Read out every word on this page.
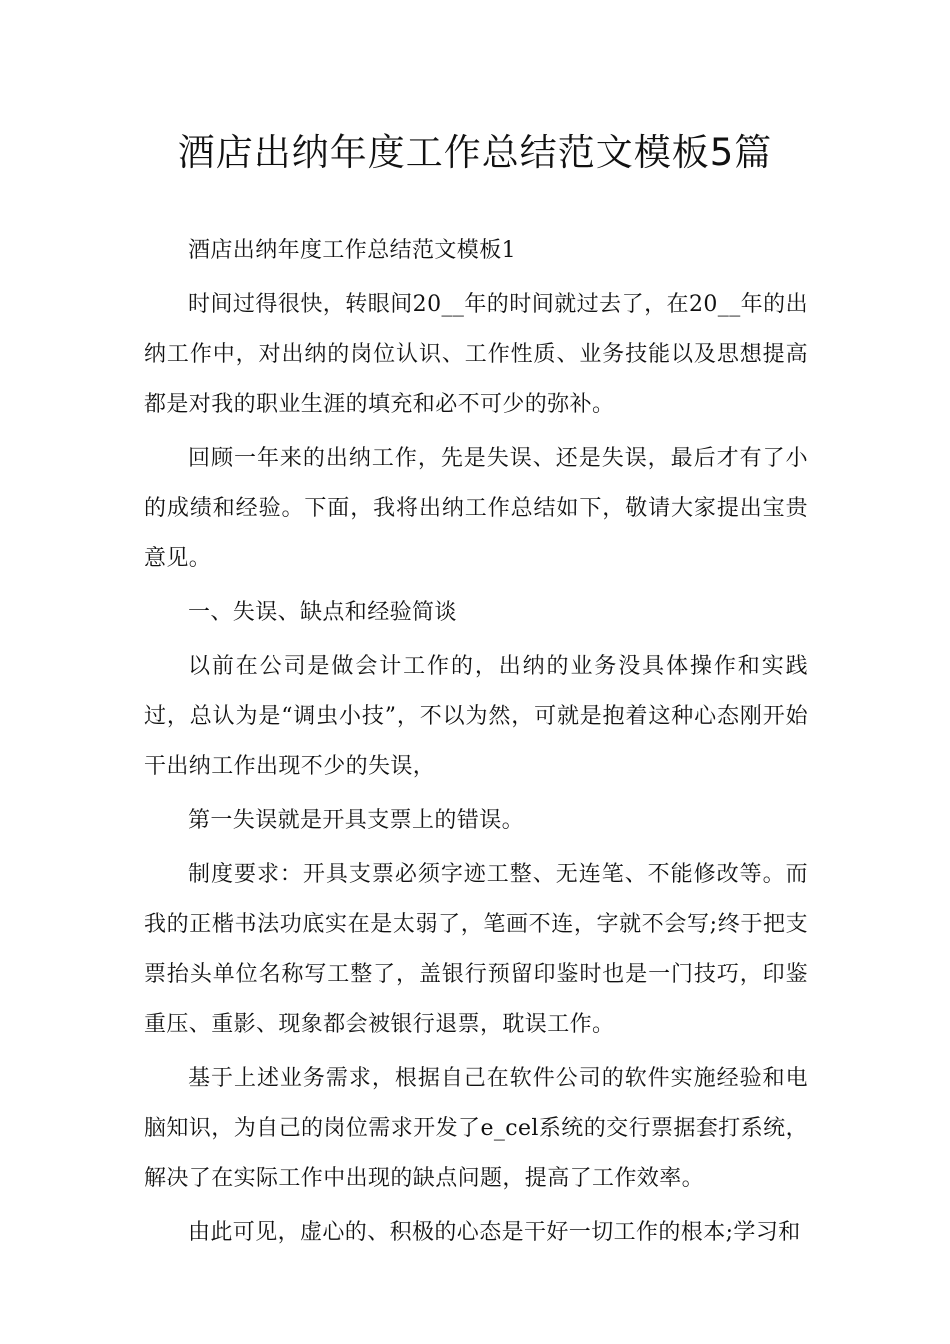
酒店出纳年度工作总结范文模板5篇

酒店出纳年度工作总结范文模板1

时间过得很快，转眼间20__年的时间就过去了，在20__年的出纳工作中，对出纳的岗位认识、工作性质、业务技能以及思想提高都是对我的职业生涯的填充和必不可少的弥补。

回顾一年来的出纳工作，先是失误、还是失误，最后才有了小的成绩和经验。下面，我将出纳工作总结如下，敬请大家提出宝贵意见。

一、失误、缺点和经验简谈

以前在公司是做会计工作的，出纳的业务没具体操作和实践过，总认为是“调虫小技”，不以为然，可就是抱着这种心态刚开始干出纳工作出现不少的失误，

第一失误就是开具支票上的错误。

制度要求：开具支票必须字迹工整、无连笔、不能修改等。而我的正楷书法功底实在是太弱了，笔画不连，字就不会写;终于把支票抬头单位名称写工整了，盖银行预留印鉴时也是一门技巧，印鉴重压、重影、现象都会被银行退票，耽误工作。

基于上述业务需求，根据自己在软件公司的软件实施经验和电脑知识，为自己的岗位需求开发了e_cel系统的交行票据套打系统，解决了在实际工作中出现的缺点问题，提高了工作效率。

由此可见，虚心的、积极的心态是干好一切工作的根本;学习和
